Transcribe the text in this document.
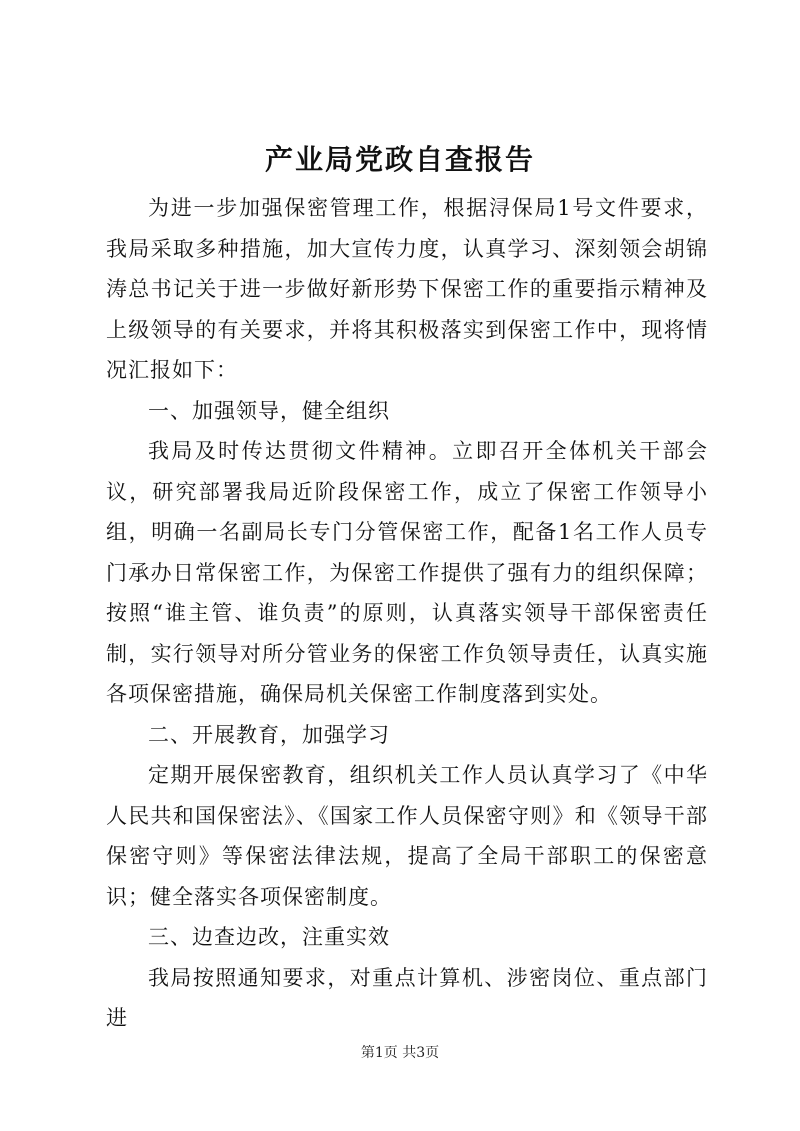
产业局党政自查报告

为进一步加强保密管理工作，根据浔保局1号文件要求，我局采取多种措施，加大宣传力度，认真学习、深刻领会胡锦涛总书记关于进一步做好新形势下保密工作的重要指示精神及上级领导的有关要求，并将其积极落实到保密工作中，现将情况汇报如下：

一、加强领导，健全组织

我局及时传达贯彻文件精神。立即召开全体机关干部会议，研究部署我局近阶段保密工作，成立了保密工作领导小组，明确一名副局长专门分管保密工作，配备1名工作人员专门承办日常保密工作，为保密工作提供了强有力的组织保障；按照“谁主管、谁负责”的原则，认真落实领导干部保密责任制，实行领导对所分管业务的保密工作负领导责任，认真实施各项保密措施，确保局机关保密工作制度落到实处。

二、开展教育，加强学习

定期开展保密教育，组织机关工作人员认真学习了《中华人民共和国保密法》、《国家工作人员保密守则》和《领导干部保密守则》等保密法律法规，提高了全局干部职工的保密意识；健全落实各项保密制度。

三、边查边改，注重实效

我局按照通知要求，对重点计算机、涉密岗位、重点部门进

第1页 共3页
